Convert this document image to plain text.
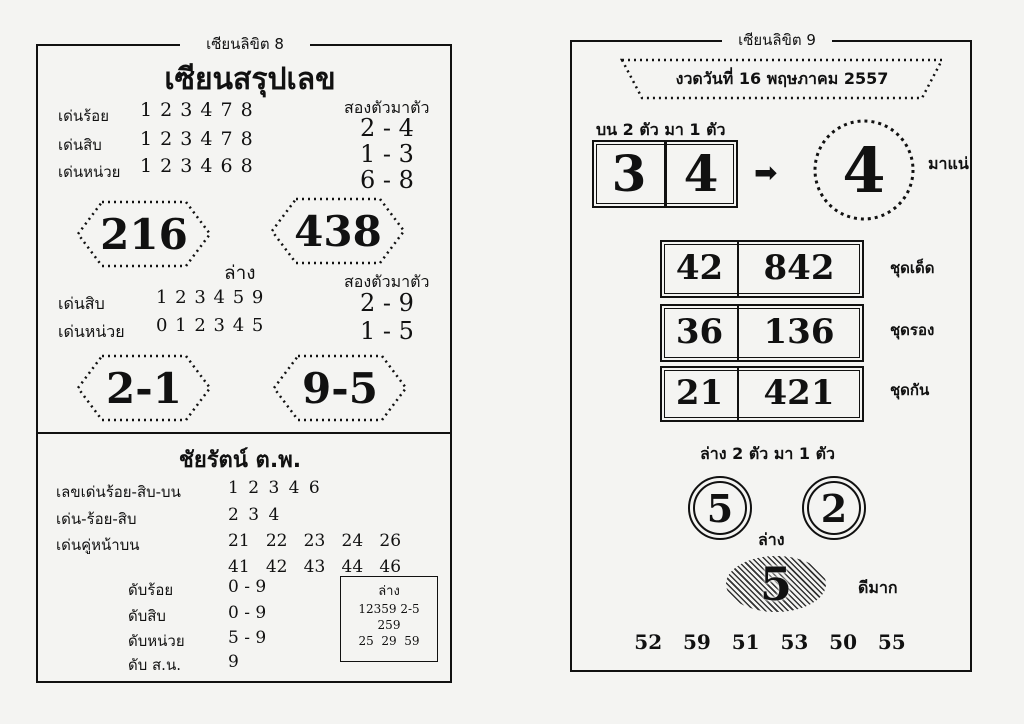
เซียนลิขิต 8
เซียนสรุปเลข
เด่นร้อย 1 2 3 4 7 8
เด่นสิบ 1 2 3 4 7 8
เด่นหน่วย 1 2 3 4 6 8
สองตัวมาตัว
2 - 4
1 - 3
6 - 8
216	438
ล่าง
เด่นสิบ	1 2 3 4 5 9
เด่นหน่วย 0 1 2 3 4 5
สองตัวมาตัว
2 - 9
1 - 5
2-1	9-5
ชัยรัตน์ ต.พ.
เลขเด่นร้อย-สิบ-บน	1 2 3 4 6
เด่น-ร้อย-สิบ	2 3 4
เด่นคู่หน้าบน	21   22   23   24   26
41   42   43   44   46
ดับร้อย	0 - 9
ดับสิบ	0 - 9
ดับหน่วย	5 - 9
ดับ ส.น.	9
ล่าง
12359 2-5
259
25  29  59
เซียนลิขิต 9
งวดวันที่ 16 พฤษภาคม 2557
บน 2 ตัว มา 1 ตัว
3 4	➡	4	มาแน่
42	842	ชุดเด็ด
36	136	ชุดรอง
21	421	ชุดกัน
ล่าง 2 ตัว มา 1 ตัว
5	2
ล่าง
5	ดีมาก
52   59   51   53   50   55
